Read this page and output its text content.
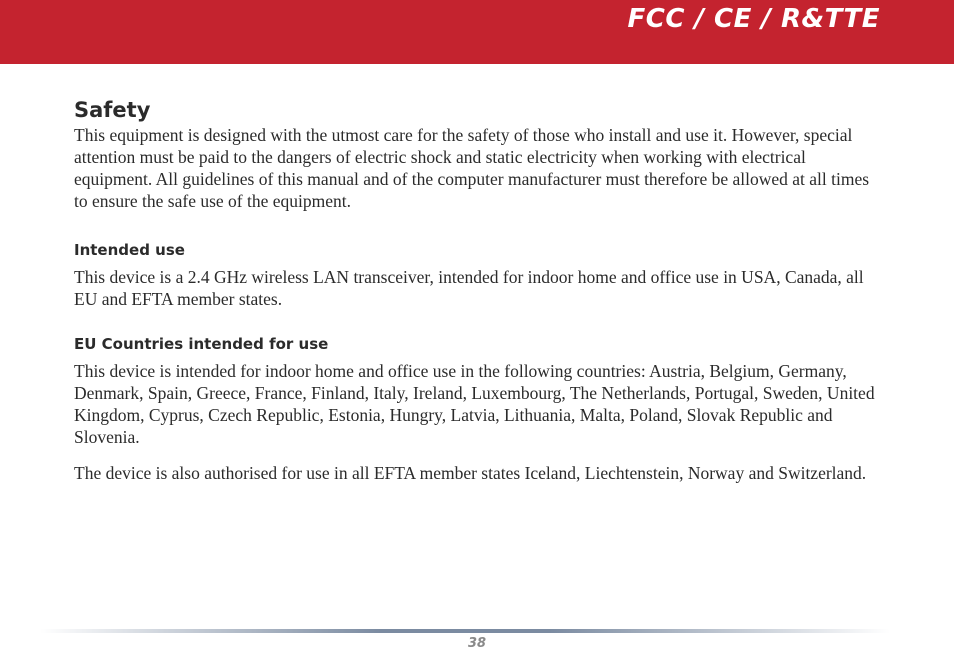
FCC / CE / R&TTE
Safety

This equipment is designed with the utmost care for the safety of those who install and use it. However, special attention must be paid to the dangers of electric shock and static electricity when working with electrical equipment. All guidelines of this manual and of the computer manufacturer must therefore be allowed at all times to ensure the safe use of the equipment.

Intended use

This device is a 2.4 GHz wireless LAN transceiver, intended for indoor home and office use in USA, Canada, all EU and EFTA member states.

EU Countries intended for use

This device is intended for indoor home and office use in the following countries: Austria, Belgium, Germany, Denmark, Spain, Greece, France, Finland, Italy, Ireland, Luxembourg, The Netherlands, Portugal, Sweden, United Kingdom, Cyprus, Czech Republic, Estonia, Hungry, Latvia, Lithuania, Malta, Poland, Slovak Republic and Slovenia.

The device is also authorised for use in all EFTA member states Iceland, Liechtenstein, Norway and Switzerland.

38
